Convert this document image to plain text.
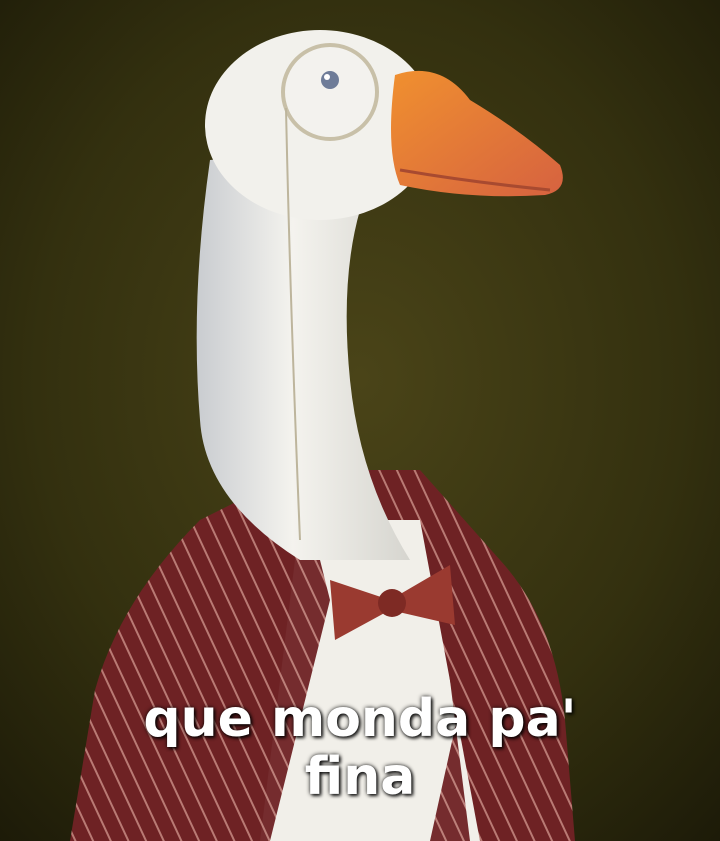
que monda pa'
fina
